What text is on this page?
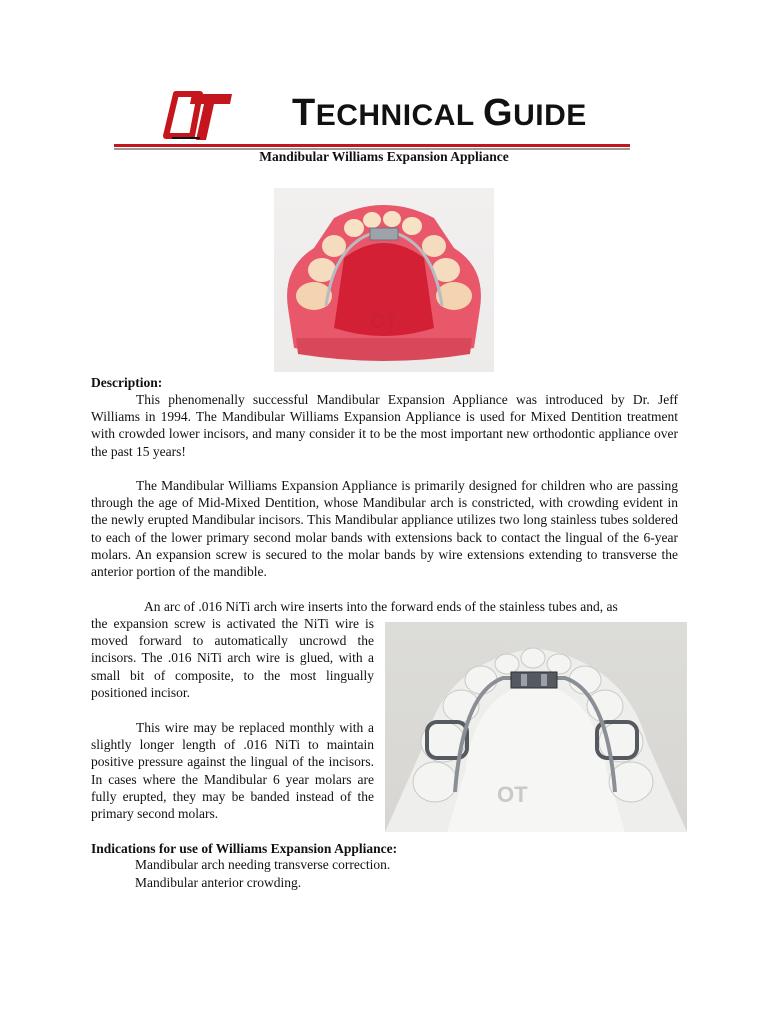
TECHNICAL GUIDE
Mandibular Williams Expansion Appliance
OT
Description:

This phenomenally successful Mandibular Expansion Appliance was introduced by Dr. Jeff Williams in 1994. The Mandibular Williams Expansion Appliance is used for Mixed Dentition treatment with crowded lower incisors, and many consider it to be the most important new orthodontic appliance over the past 15 years!

The Mandibular Williams Expansion Appliance is primarily designed for children who are passing through the age of Mid-Mixed Dentition, whose Mandibular arch is constricted, with crowding evident in the newly erupted Mandibular incisors. This Mandibular appliance utilizes two long stainless tubes soldered to each of the lower primary second molar bands with extensions back to contact the lingual of the 6-year molars. An expansion screw is secured to the molar bands by wire extensions extending to transverse the anterior portion of the mandible.

An arc of .016 NiTi arch wire inserts into the forward ends of the stainless tubes and, as

the expansion screw is activated the NiTi wire is moved forward to automatically uncrowd the incisors. The .016 NiTi arch wire is glued, with a small bit of composite, to the most lingually positioned incisor.

This wire may be replaced monthly with a slightly longer length of .016 NiTi to maintain positive pressure against the lingual of the incisors. In cases where the Mandibular 6 year molars are fully erupted, they may be banded instead of the primary second molars.

OT
Indications for use of Williams Expansion Appliance:
Mandibular arch needing transverse correction.
Mandibular anterior crowding.
